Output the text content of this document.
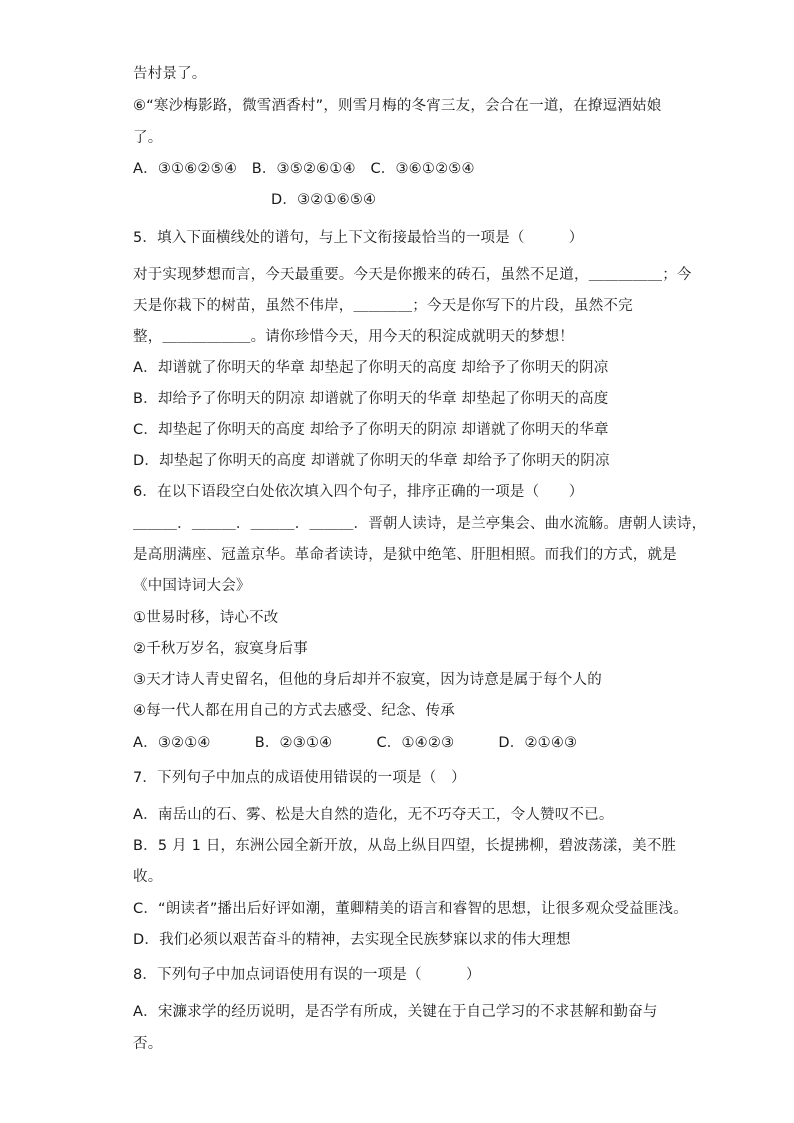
告村景了。

⑥“寒沙梅影路，微雪酒香村”，则雪月梅的冬宵三友，会合在一道，在撩逗酒姑娘

了。

A．③①⑥②⑤④　B．③⑤②⑥①④　C．③⑥①②⑤④

D．③②①⑥⑤④

5．填入下面横线处的谱句，与上下文衔接最恰当的一项是（　　　）

对于实现梦想而言，今天最重要。今天是你搬来的砖石，虽然不足道，＿＿＿＿＿；今

天是你栽下的树苗，虽然不伟岸，＿＿＿＿；今天是你写下的片段，虽然不完

整，＿＿＿＿＿＿。请你珍惜今天，用今天的积淀成就明天的梦想！

A．却谱就了你明天的华章 却垫起了你明天的高度 却给予了你明天的阴凉

B．却给予了你明天的阴凉 却谱就了你明天的华章 却垫起了你明天的高度

C．却垫起了你明天的高度 却给予了你明天的阴凉 却谱就了你明天的华章

D．却垫起了你明天的高度 却谱就了你明天的华章 却给予了你明天的阴凉

6．在以下语段空白处依次填入四个句子，排序正确的一项是（　　）

＿＿＿．＿＿＿．＿＿＿．＿＿＿．晋朝人读诗，是兰亭集会、曲水流觞。唐朝人读诗，

是高朋满座、冠盖京华。革命者读诗，是狱中绝笔、肝胆相照。而我们的方式，就是

《中国诗词大会》

①世易时移，诗心不改

②千秋万岁名，寂寞身后事

③天才诗人青史留名，但他的身后却并不寂寞，因为诗意是属于每个人的

④每一代人都在用自己的方式去感受、纪念、传承

A．③②①④　　　B．②③①④　　　C．①④②③　　　D．②①④③

7．下列句子中加点的成语使用错误的一项是（　）

A．南岳山的石、雾、松是大自然的造化，无不巧夺天工，令人赞叹不已。

B．5 月 1 日，东洲公园全新开放，从岛上纵目四望，长提拂柳，碧波荡漾，美不胜

收。

C．“朗读者”播出后好评如潮，董卿精美的语言和睿智的思想，让很多观众受益匪浅。

D．我们必须以艰苦奋斗的精神，去实现全民族梦寐以求的伟大理想

8．下列句子中加点词语使用有误的一项是（　　　）

A．宋濂求学的经历说明，是否学有所成，关键在于自己学习的不求甚解和勤奋与

否。
